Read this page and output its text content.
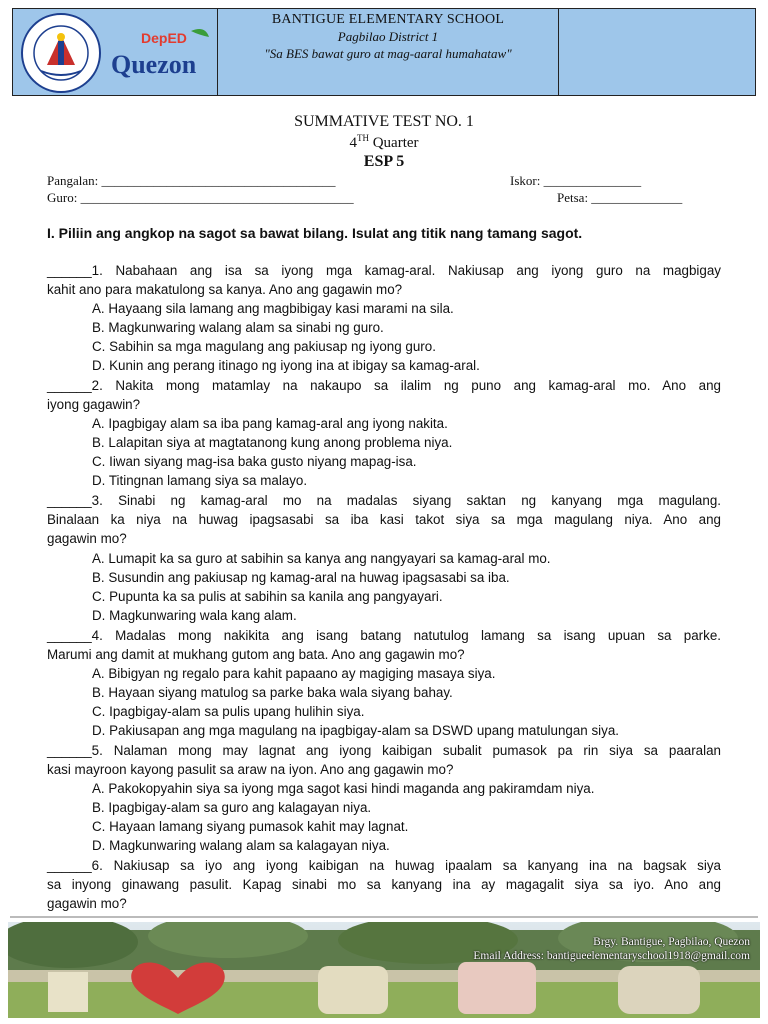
DepED
Quezon
BANTIGUE ELEMENTARY SCHOOL
Pagbilao District 1
"Sa BES bawat guro at mag-aaral humahataw"
SUMMATIVE TEST NO. 1
4TH Quarter
ESP 5
Pangalan: ____________________________________	Iskor: _______________
Guro: __________________________________________	Petsa: ______________
I. Piliin ang angkop na sagot sa bawat bilang. Isulat ang titik nang tamang sagot.
______1. Nabahaan ang isa sa iyong mga kamag-aral. Nakiusap ang iyong guro na magbigay
kahit ano para makatulong sa kanya. Ano ang gagawin mo?
A. Hayaang sila lamang ang magbibigay kasi marami na sila.
B. Magkunwaring walang alam sa sinabi ng guro.
C. Sabihin sa mga magulang ang pakiusap ng iyong guro.
D. Kunin ang perang itinago ng iyong ina at ibigay sa kamag-aral.
______2. Nakita mong matamlay na nakaupo sa ilalim ng puno ang kamag-aral mo. Ano ang
iyong gagawin?
A. Ipagbigay alam sa iba pang kamag-aral ang iyong nakita.
B. Lalapitan siya at magtatanong kung anong problema niya.
C. Iiwan siyang mag-isa baka gusto niyang mapag-isa.
D. Titingnan lamang siya sa malayo.
______3. Sinabi ng kamag-aral mo na madalas siyang saktan ng kanyang mga magulang.
Binalaan ka niya na huwag ipagsasabi sa iba kasi takot siya sa mga magulang niya. Ano ang
gagawin mo?
A. Lumapit ka sa guro at sabihin sa kanya ang nangyayari sa kamag-aral mo.
B. Susundin ang pakiusap ng kamag-aral na huwag ipagsasabi sa iba.
C. Pupunta ka sa pulis at sabihin sa kanila ang pangyayari.
D. Magkunwaring wala kang alam.
______4. Madalas mong nakikita ang isang batang natutulog lamang sa isang upuan sa parke.
Marumi ang damit at mukhang gutom ang bata. Ano ang gagawin mo?
A. Bibigyan ng regalo para kahit papaano ay magiging masaya siya.
B. Hayaan siyang matulog sa parke baka wala siyang bahay.
C. Ipagbigay-alam sa pulis upang hulihin siya.
D. Pakiusapan ang mga magulang na ipagbigay-alam sa DSWD upang matulungan siya.
______5. Nalaman mong may lagnat ang iyong kaibigan subalit pumasok pa rin siya sa paaralan
kasi mayroon kayong pasulit sa araw na iyon. Ano ang gagawin mo?
A. Pakokopyahin siya sa iyong mga sagot kasi hindi maganda ang pakiramdam niya.
B. Ipagbigay-alam sa guro ang kalagayan niya.
C. Hayaan lamang siyang pumasok kahit may lagnat.
D. Magkunwaring walang alam sa kalagayan niya.
______6. Nakiusap sa iyo ang iyong kaibigan na huwag ipaalam sa kanyang ina na bagsak siya
sa inyong ginawang pasulit. Kapag sinabi mo sa kanyang ina ay magagalit siya sa iyo. Ano ang
gagawin mo?
Brgy. Bantigue, Pagbilao, Quezon
Email Address: bantigueelementaryschool1918@gmail.com
